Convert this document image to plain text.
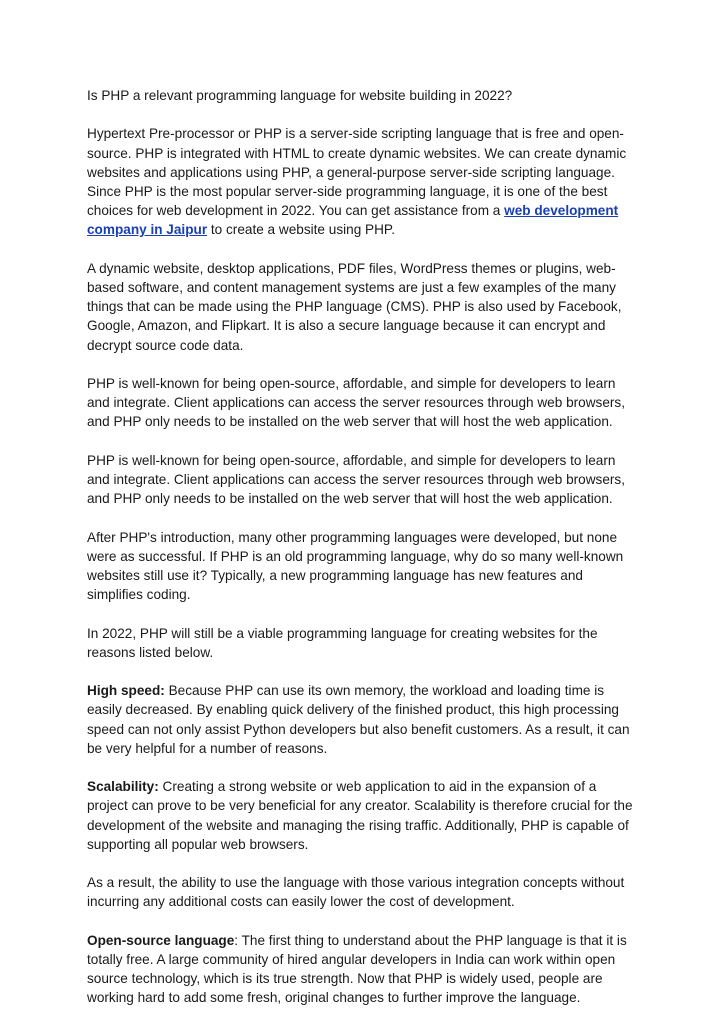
Is PHP a relevant programming language for website building in 2022?

Hypertext Pre-processor or PHP is a server-side scripting language that is free and open-source. PHP is integrated with HTML to create dynamic websites. We can create dynamic websites and applications using PHP, a general-purpose server-side scripting language. Since PHP is the most popular server-side programming language, it is one of the best choices for web development in 2022. You can get assistance from a web development company in Jaipur to create a website using PHP.

A dynamic website, desktop applications, PDF files, WordPress themes or plugins, web-based software, and content management systems are just a few examples of the many things that can be made using the PHP language (CMS). PHP is also used by Facebook, Google, Amazon, and Flipkart. It is also a secure language because it can encrypt and decrypt source code data.

PHP is well-known for being open-source, affordable, and simple for developers to learn and integrate. Client applications can access the server resources through web browsers, and PHP only needs to be installed on the web server that will host the web application.

PHP is well-known for being open-source, affordable, and simple for developers to learn and integrate. Client applications can access the server resources through web browsers, and PHP only needs to be installed on the web server that will host the web application.

After PHP's introduction, many other programming languages were developed, but none were as successful. If PHP is an old programming language, why do so many well-known websites still use it? Typically, a new programming language has new features and simplifies coding.

In 2022, PHP will still be a viable programming language for creating websites for the reasons listed below.

High speed: Because PHP can use its own memory, the workload and loading time is easily decreased. By enabling quick delivery of the finished product, this high processing speed can not only assist Python developers but also benefit customers. As a result, it can be very helpful for a number of reasons.

Scalability: Creating a strong website or web application to aid in the expansion of a project can prove to be very beneficial for any creator. Scalability is therefore crucial for the development of the website and managing the rising traffic. Additionally, PHP is capable of supporting all popular web browsers.

As a result, the ability to use the language with those various integration concepts without incurring any additional costs can easily lower the cost of development.

Open-source language: The first thing to understand about the PHP language is that it is totally free. A large community of hired angular developers in India can work within open source technology, which is its true strength. Now that PHP is widely used, people are working hard to add some fresh, original changes to further improve the language.
